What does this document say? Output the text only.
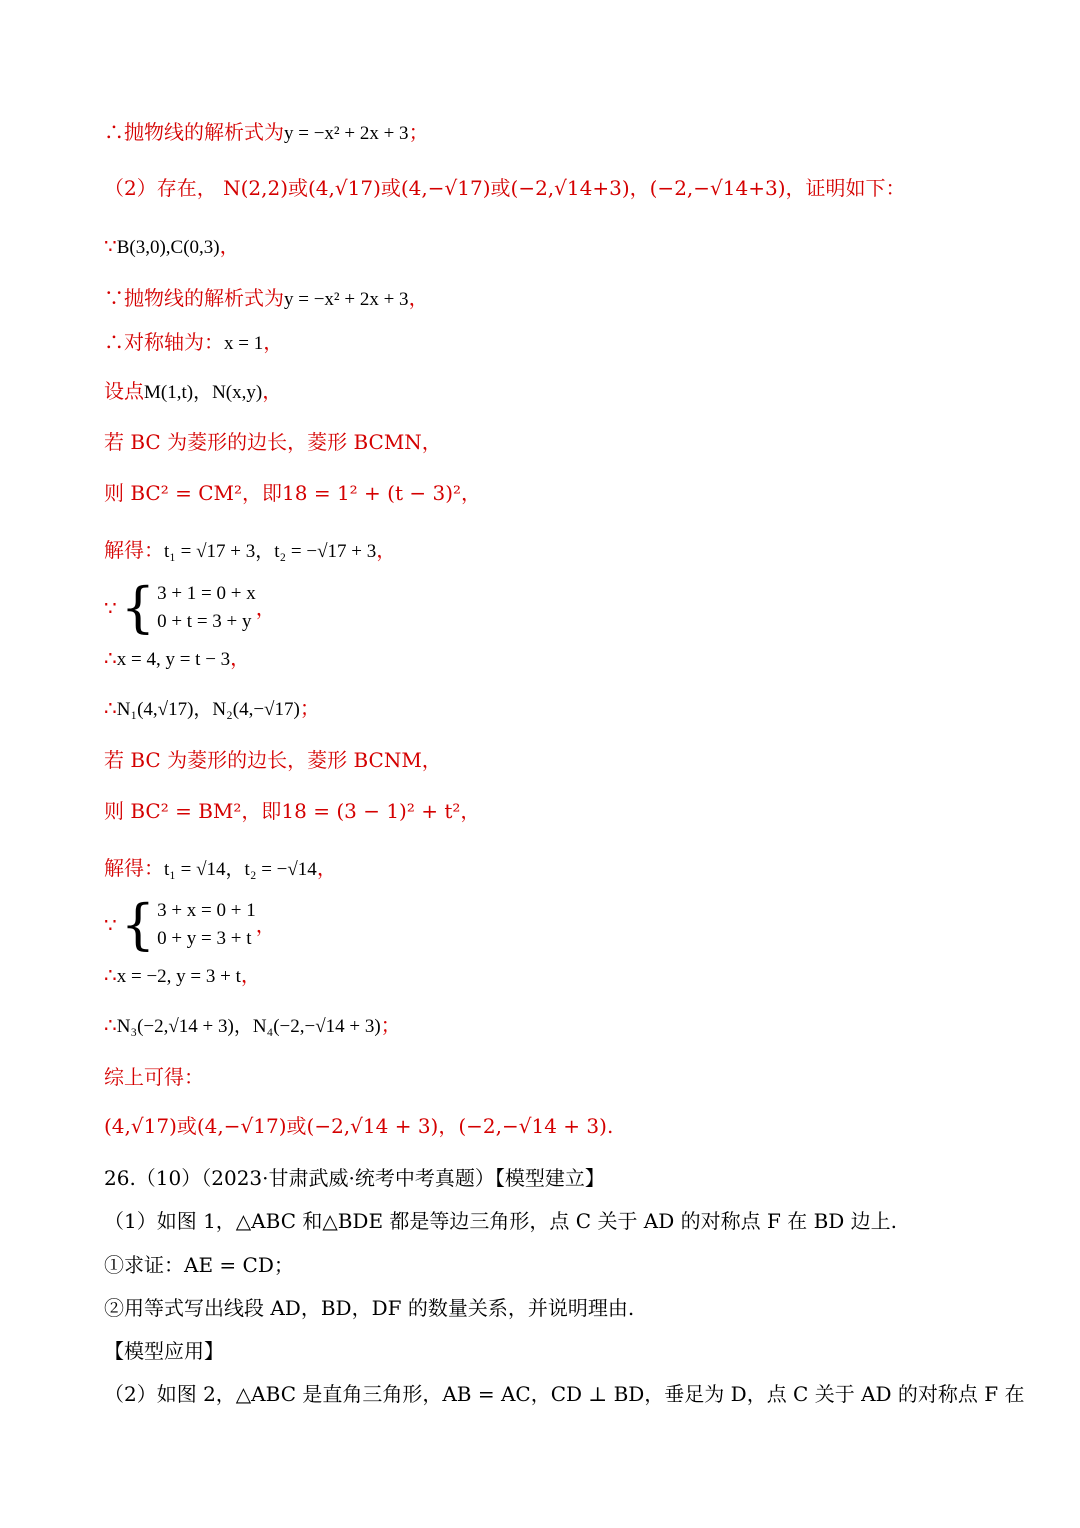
∴抛物线的解析式为y = −x² + 2x + 3；
（2）存在， N(2,2)或(4,√17)或(4,−√17)或(−2,√14+3)，(−2,−√14+3)，证明如下：
∵B(3,0),C(0,3)，
∵抛物线的解析式为y = −x² + 2x + 3，
∴对称轴为：x = 1，
设点M(1,t)，N(x,y)，
若 BC 为菱形的边长，菱形 BCMN，
则 BC² = CM²，即18 = 1² + (t − 3)²，
解得：t₁ = √17 + 3，t₂ = −√17 + 3，
∵ { 3 + 1 = 0 + x
0 + t = 3 + y
，
∴x = 4, y = t − 3，
∴N₁(4,√17)，N₂(4,−√17)；
若 BC 为菱形的边长，菱形 BCNM，
则 BC² = BM²，即18 = (3 − 1)² + t²，
解得：t₁ = √14，t₂ = −√14，
∵ { 3 + x = 0 + 1
0 + y = 3 + t
，
∴x = −2, y = 3 + t，
∴N₃(−2,√14 + 3)，N₄(−2,−√14 + 3)；
综上可得：
(4,√17)或(4,−√17)或(−2,√14 + 3)，(−2,−√14 + 3).
26.（10）（2023·甘肃武威·统考中考真题）【模型建立】
（1）如图 1，△ABC 和△BDE 都是等边三角形，点 C 关于 AD 的对称点 F 在 BD 边上.
①求证：AE = CD；
②用等式写出线段 AD，BD，DF 的数量关系，并说明理由.
【模型应用】
（2）如图 2，△ABC 是直角三角形，AB = AC，CD ⊥ BD，垂足为 D，点 C 关于 AD 的对称点 F 在
